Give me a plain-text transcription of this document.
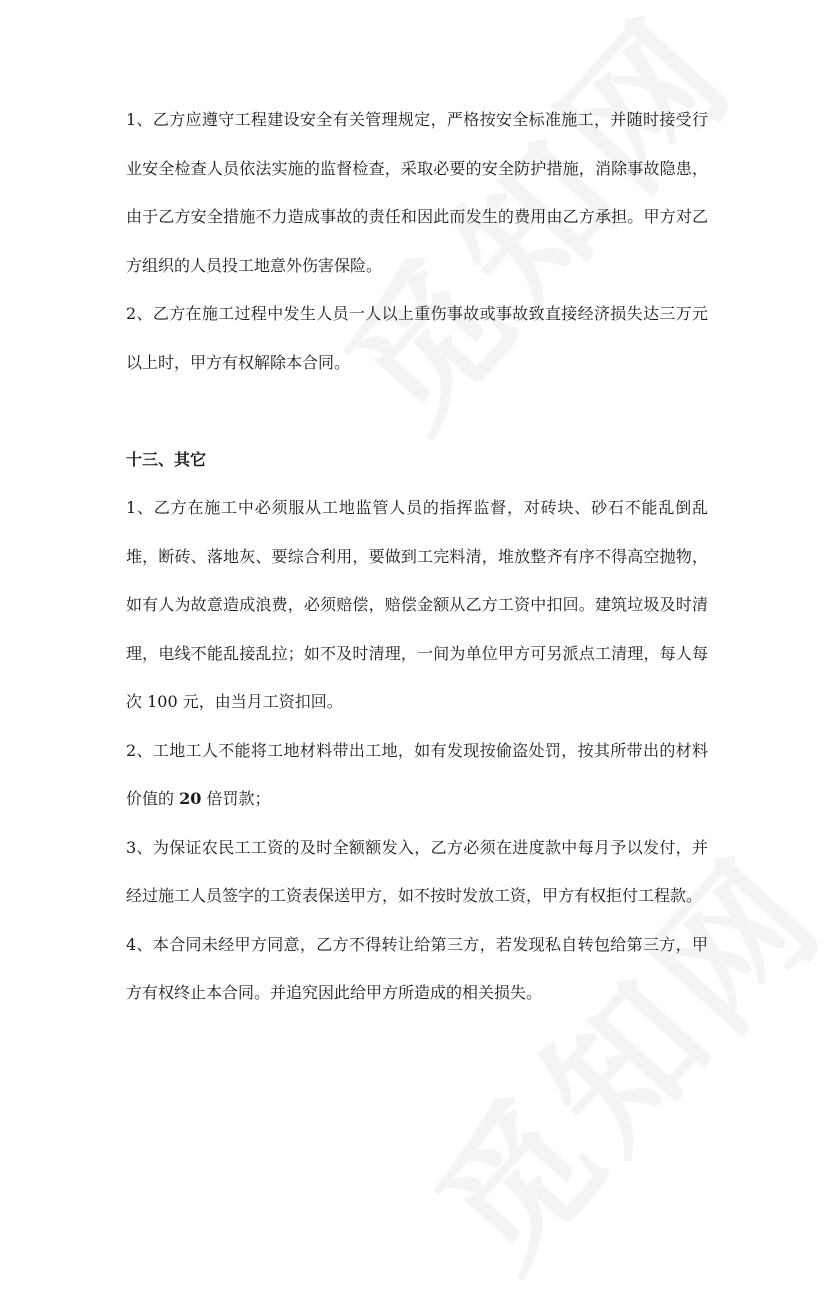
1、乙方应遵守工程建设安全有关管理规定，严格按安全标准施工，并随时接受行业安全检查人员依法实施的监督检查，采取必要的安全防护措施，消除事故隐患，由于乙方安全措施不力造成事故的责任和因此而发生的费用由乙方承担。甲方对乙方组织的人员投工地意外伤害保险。

2、乙方在施工过程中发生人员一人以上重伤事故或事故致直接经济损失达三万元以上时，甲方有权解除本合同。

十三、其它

1、乙方在施工中必须服从工地监管人员的指挥监督，对砖块、砂石不能乱倒乱堆，断砖、落地灰、要综合利用，要做到工完料清，堆放整齐有序不得高空抛物，如有人为故意造成浪费，必须赔偿，赔偿金额从乙方工资中扣回。建筑垃圾及时清理，电线不能乱接乱拉；如不及时清理，一间为单位甲方可另派点工清理，每人每次 100 元，由当月工资扣回。

2、工地工人不能将工地材料带出工地，如有发现按偷盗处罚，按其所带出的材料价值的 20 倍罚款；

3、为保证农民工工资的及时全额额发入，乙方必须在进度款中每月予以发付，并经过施工人员签字的工资表保送甲方，如不按时发放工资，甲方有权拒付工程款。

4、本合同未经甲方同意，乙方不得转让给第三方，若发现私自转包给第三方，甲方有权终止本合同。并追究因此给甲方所造成的相关损失。
